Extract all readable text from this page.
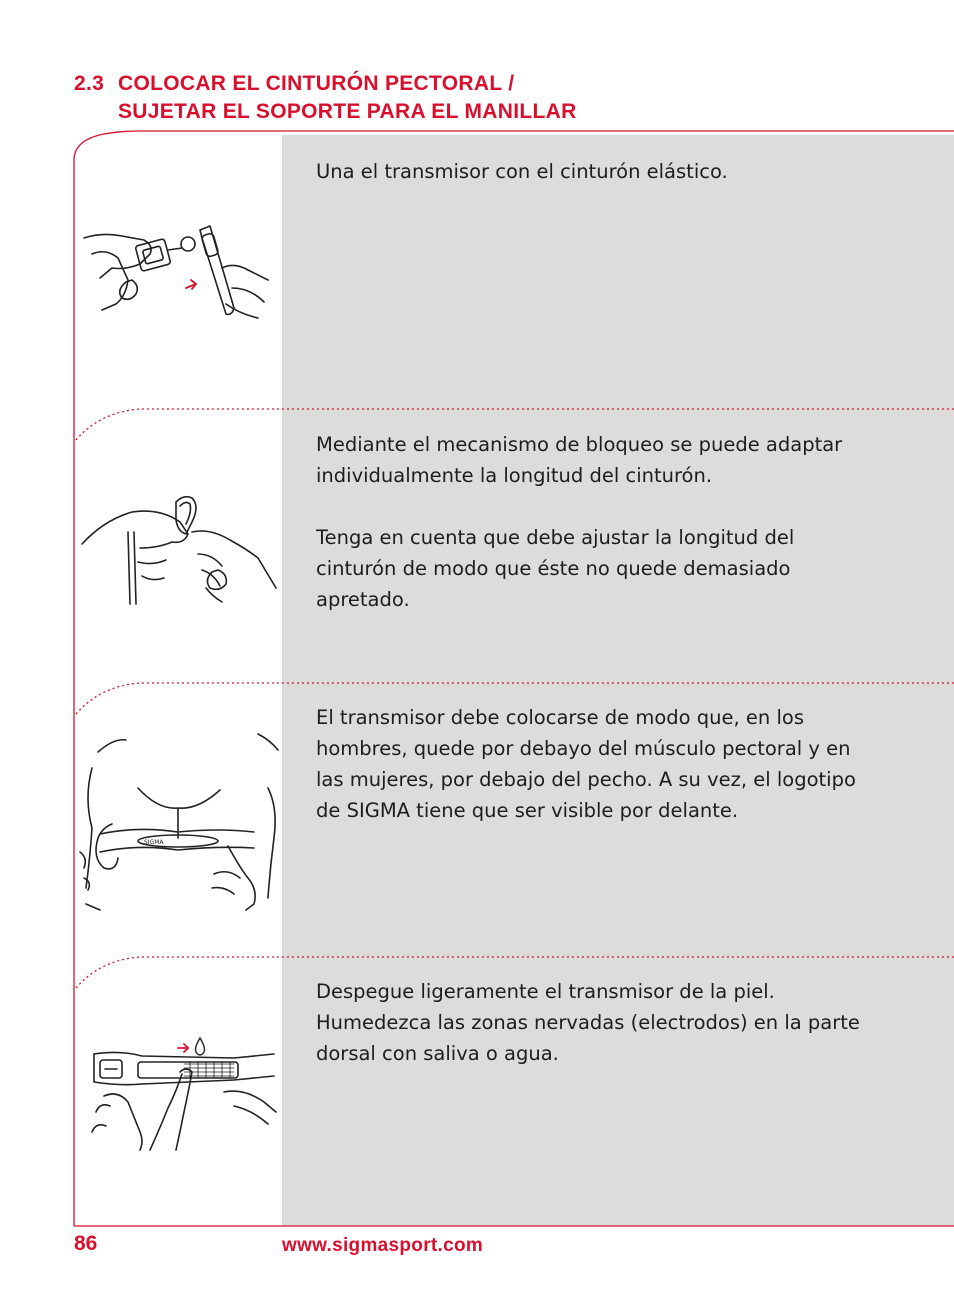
2.3 COLOCAR EL CINTURÓN PECTORAL /
SUJETAR EL SOPORTE PARA EL MANILLAR

Una el transmisor con el cinturón elástico.

Mediante el mecanismo de bloqueo se puede adaptar individualmente la longitud del cinturón.

Tenga en cuenta que debe ajustar la longitud del cinturón de modo que éste no quede demasiado apretado.

El transmisor debe colocarse de modo que, en los hombres, quede por debayo del músculo pectoral y en las mujeres, por debajo del pecho. A su vez, el logotipo de SIGMA tiene que ser visible por delante.

Despegue ligeramente el transmisor de la piel. Humedezca las zonas nervadas (electrodos) en la parte dorsal con saliva o agua.

SIGMA
86	www.sigmasport.com
